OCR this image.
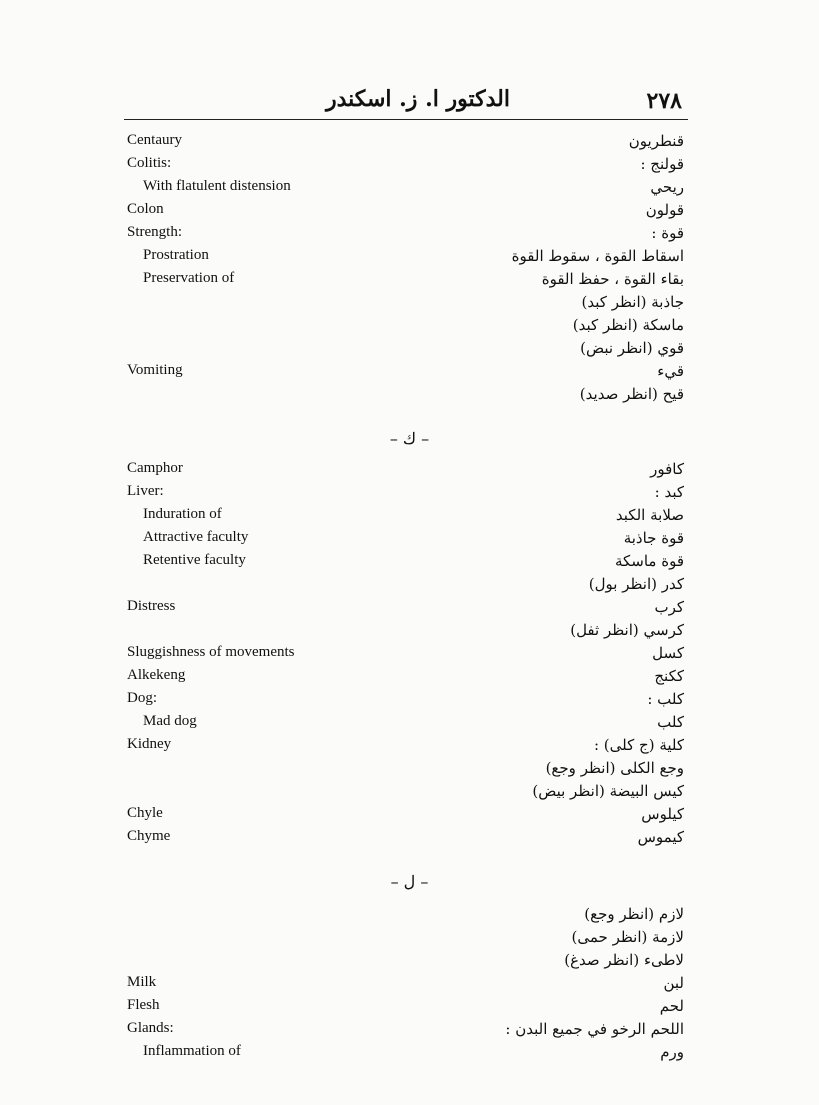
٢٧٨
الدكتور ا. ز. اسكندر
Centaury	قنطريون
Colitis:	قولنج :
With flatulent distension	ريحي
Colon	قولون
Strength:	قوة :
Prostration	اسقاط القوة ، سقوط القوة
Preservation of	بقاء القوة ، حفظ القوة
جاذبة (انظر كبد)
ماسكة (انظر كبد)
قوي (انظر نبض)
Vomiting	قيء
قيح (انظر صديد)
– ك –
Camphor	كافور
Liver:	كبد :
Induration of	صلابة الكبد
Attractive faculty	قوة جاذبة
Retentive faculty	قوة ماسكة
كدر (انظر بول)
Distress	كرب
كرسي (انظر ثفل)
Sluggishness of movements	كسل
Alkekeng	ككنج
Dog:	كلب :
Mad dog	كلب
Kidney	كلية (ج كلى) :
وجع الكلى (انظر وجع)
كيس البيضة (انظر بيض)
Chyle	كيلوس
Chyme	كيموس
– ل –
لازم (انظر وجع)
لازمة (انظر حمى)
لاطىء (انظر صدغ)
Milk	لبن
Flesh	لحم
Glands:	اللحم الرخو في جميع البدن :
Inflammation of	ورم
